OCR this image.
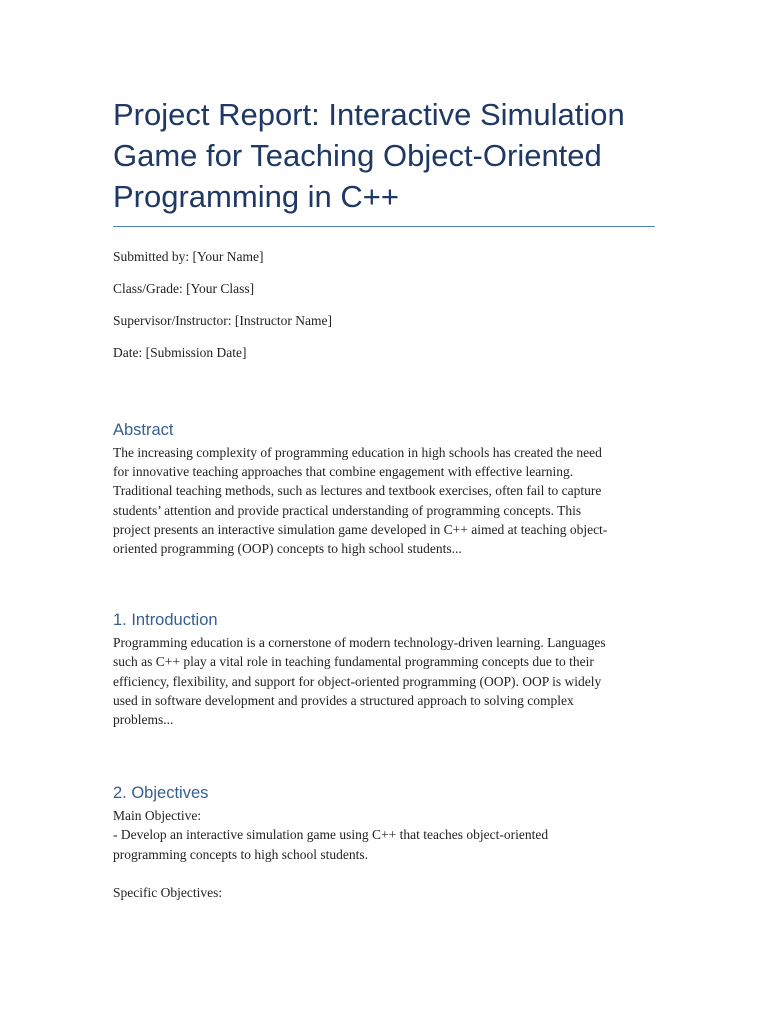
Project Report: Interactive Simulation
Game for Teaching Object-Oriented
Programming in C++

Submitted by: [Your Name]

Class/Grade: [Your Class]

Supervisor/Instructor: [Instructor Name]

Date: [Submission Date]

Abstract
The increasing complexity of programming education in high schools has created the need
for innovative teaching approaches that combine engagement with effective learning.
Traditional teaching methods, such as lectures and textbook exercises, often fail to capture
students’ attention and provide practical understanding of programming concepts. This
project presents an interactive simulation game developed in C++ aimed at teaching object-
oriented programming (OOP) concepts to high school students...
1. Introduction
Programming education is a cornerstone of modern technology-driven learning. Languages
such as C++ play a vital role in teaching fundamental programming concepts due to their
efficiency, flexibility, and support for object-oriented programming (OOP). OOP is widely
used in software development and provides a structured approach to solving complex
problems...
2. Objectives
Main Objective:
- Develop an interactive simulation game using C++ that teaches object-oriented
programming concepts to high school students.
Specific Objectives:
